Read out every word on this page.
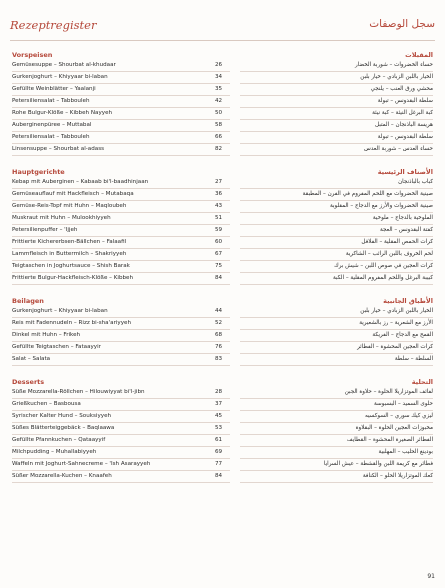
Rezeptregister	سجل الوصفات
Vorspeisen
Gemüsesuppe – Shourbat al-khudaar	26
Gurkenjoghurt – Khiyyaar bi-laban	34
Gefüllte Weinblätter – Yaalanji	35
Petersiliensalat – Tabbouleh	42
Rohe Bulgur-Klöße – Kibbeh Nayyeh	50
Auberginenpüree – Muttabal	58
Petersiliensalat – Tabbouleh	66
Linsensuppe – Shourbat al-adass	82
Hauptgerichte
Kebap mit Auberginen – Kabaab bi'l-baadhinjaan	27
Gemüseauflauf mit Hackfleisch – Mutabaqa	36
Gemüse-Reis-Topf mit Huhn – Maqloubeh	43
Muskraut mit Huhn – Mulookhiyyeh	51
Petersilienpuffer – 'Ijjeh	59
Frittierte Kichererbsen-Bällchen – Falaafil	60
Lammfleisch in Buttermilch – Shakriyyeh	67
Teigtaschen in Joghurtsauce – Shish Barak	75
Frittierte Bulgur-Hackfleisch-Klöße – Kibbeh	84
Beilagen
Gurkenjoghurt – Khiyyaar bi-laban	44
Reis mit Fadennudeln – Rizz bi-sha'ariyyeh	52
Dinkel mit Huhn – Frikeh	68
Gefüllte Teigtaschen – Fataayyir	76
Salat – Salata	83
Desserts
Süße Mozzarella-Röllchen – Hilouwiyyat bi'l-jibn	28
Grießkuchen – Basbousa	37
Syrischer Kalter Hund – Souksiyyeh	45
Süßes Blätterteiggebäck – Baqlaawa	53
Gefüllte Pfannkuchen – Qataayyif	61
Milchpudding – Muhallabiyyeh	69
Waffeln mit Joghurt-Sahnecreme – 'Ish Asarayyeh	77
Süßer Mozzarella-Kuchen – Knaafeh	84
المقبلات
حساء الخضروات – شوربة الخضار
الخيار باللبن الزبادي – خيار بلبن
محشي ورق العنب – يلنجي
سلطة البقدونس – تبولة
كبة البرغل النيئة – كبة نيئة
هريسة الباذنجان – المتبل
سلطة البقدونس – تبولة
حساء العدس – شوربة العدس
الأصناف الرئيسية
كباب بالباذنجان
صينية الخضروات مع اللحم المفروم في الفرن – المطبقة
صينية الخضروات والأرز مع الدجاج – المقلوبة
الملوخية بالدجاج – ملوخية
كفتة البقدونس – العجة
كرات الحمص المقلية – الفلافل
لحم الخروف باللبن الرائب – الشاكرية
كرات العجين في صوص اللبن – شيش برك
كبيبة البرغل واللحم المفروم المقلية – الكبة
الأطباق الجانبية
الخيار باللبن الزبادي – خيار بلبن
الأرز مع الشعرية – رز بالشعيرية
القمح مع الدجاج – الفريكة
كرات العجين المحشوة – الفطائر
السلطة – سلطة
التحلية
لفائف الموتزاريلا الحلوة – حلاوة الجبن
حلوى السميد – البسبوسة
ليزي كيك سوري – السوكسيه
مخبوزات العجين الحلوة – البقلاوة
الفطائر الصغيرة المحشوة – القطايف
بودينغ الحليب – المهلبية
فطائر مع كريمة اللبن والقشطة – عيش السرايا
كعك الموتزاريلا الحلو – الكنافة
91
